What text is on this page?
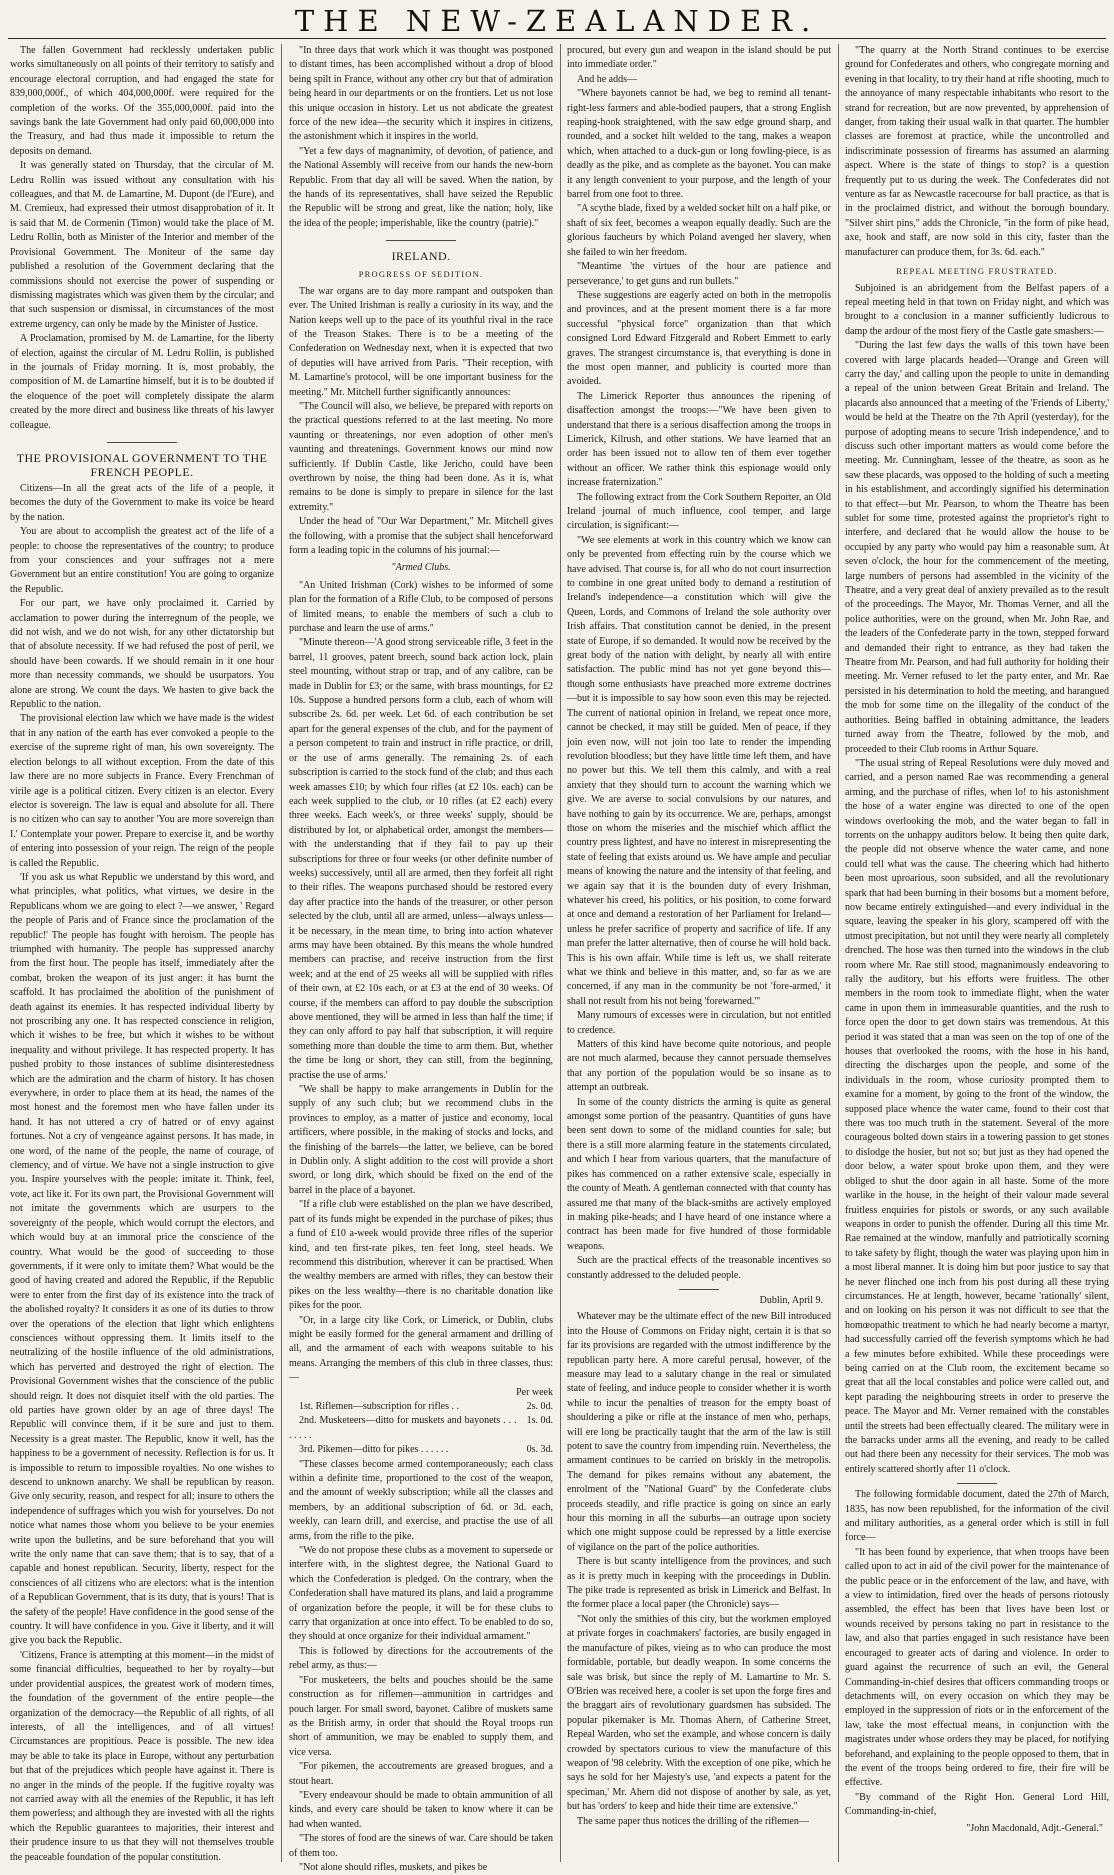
THE NEW-ZEALANDER.

The fallen Government had recklessly undertaken public works simultaneously on all points of their territory to satisfy and encourage electoral corruption, and had engaged the state for 839,000,000f., of which 404,000,000f. were required for the completion of the works. Of the 355,000,000f. paid into the savings bank the late Government had only paid 60,000,000 into the Treasury, and had thus made it impossible to return the deposits on demand.

It was generally stated on Thursday, that the circular of M. Ledru Rollin was issued without any consultation with his colleagues, and that M. de Lamartine, M. Dupont (de l'Eure), and M. Cremieux, had expressed their utmost disapprobation of it. It is said that M. de Cormenin (Timon) would take the place of M. Ledru Rollin, both as Minister of the Interior and member of the Provisional Government. The Moniteur of the same day published a resolution of the Government declaring that the commissions should not exercise the power of suspending or dismissing magistrates which was given them by the circular; and that such suspension or dismissal, in circumstances of the most extreme urgency, can only be made by the Minister of Justice.

A Proclamation, promised by M. de Lamartine, for the liberty of election, against the circular of M. Ledru Rollin, is published in the journals of Friday morning. It is, most probably, the composition of M. de Lamartine himself, but it is to be doubted if the eloquence of the poet will completely dissipate the alarm created by the more direct and business like threats of his lawyer colleague.

THE PROVISIONAL GOVERNMENT TO THE FRENCH PEOPLE.

Citizens—In all the great acts of the life of a people, it becomes the duty of the Government to make its voice be heard by the nation.

You are about to accomplish the greatest act of the life of a people: to choose the representatives of the country; to produce from your consciences and your suffrages not a mere Government but an entire constitution! You are going to organize the Republic.

For our part, we have only proclaimed it. Carried by acclamation to power during the interregnum of the people, we did not wish, and we do not wish, for any other dictatorship but that of absolute necessity. If we had refused the post of peril, we should have been cowards. If we should remain in it one hour more than necessity commands, we should be usurpators. You alone are strong. We count the days. We hasten to give back the Republic to the nation.

The provisional election law which we have made is the widest that in any nation of the earth has ever convoked a people to the exercise of the supreme right of man, his own sovereignty. The election belongs to all without exception. From the date of this law there are no more subjects in France. Every Frenchman of virile age is a political citizen. Every citizen is an elector. Every elector is sovereign. The law is equal and absolute for all. There is no citizen who can say to another 'You are more sovereign than I.' Contemplate your power. Prepare to exercise it, and be worthy of entering into possession of your reign. The reign of the people is called the Republic.

'If you ask us what Republic we understand by this word, and what principles, what politics, what virtues, we desire in the Republicans whom we are going to elect ?—we answer, ' Regard the people of Paris and of France since the proclamation of the republic!' The people has fought with heroism. The people has triumphed with humanity. The people has suppressed anarchy from the first hour. The people has itself, immediately after the combat, broken the weapon of its just anger: it has burnt the scaffold. It has proclaimed the abolition of the punishment of death against its enemies. It has respected individual liberty by not proscribing any one. It has respected conscience in religion, which it wishes to be free, but which it wishes to be without inequality and without privilege. It has respected property. It has pushed probity to those instances of sublime disinterestedness which are the admiration and the charm of history. It has chosen everywhere, in order to place them at its head, the names of the most honest and the foremost men who have fallen under its hand. It has not uttered a cry of hatred or of envy against fortunes. Not a cry of vengeance against persons. It has made, in one word, of the name of the people, the name of courage, of clemency, and of virtue. We have not a single instruction to give you. Inspire yourselves with the people: imitate it. Think, feel, vote, act like it. For its own part, the Provisional Government will not imitate the governments which are usurpers to the sovereignty of the people, which would corrupt the electors, and which would buy at an immoral price the conscience of the country. What would be the good of succeeding to those governments, if it were only to imitate them? What would be the good of having created and adored the Republic, if the Republic were to enter from the first day of its existence into the track of the abolished royalty? It considers it as one of its duties to throw over the operations of the election that light which enlightens consciences without oppressing them. It limits itself to the neutralizing of the hostile influence of the old administrations, which has perverted and destroyed the right of election. The Provisional Government wishes that the conscience of the public should reign. It does not disquiet itself with the old parties. The old parties have grown older by an age of three days! The Republic will convince them, if it be sure and just to them. Necessity is a great master. The Republic, know it well, has the happiness to be a government of necessity. Reflection is for us. It is impossible to return to impossible royalties. No one wishes to descend to unknown anarchy. We shall be republican by reason. Give only security, reason, and respect for all; insure to others the independence of suffrages which you wish for yourselves. Do not notice what names those whom you believe to be your enemies write upon the bulletins, and be sure beforehand that you will write the only name that can save them; that is to say, that of a capable and honest republican. Security, liberty, respect for the consciences of all citizens who are electors: what is the intention of a Republican Government, that is its duty, that is yours! That is the safety of the people! Have confidence in the good sense of the country. It will have confidence in you. Give it liberty, and it will give you back the Republic.

'Citizens, France is attempting at this moment—in the midst of some financial difficulties, bequeathed to her by royalty—but under providential auspices, the greatest work of modern times, the foundation of the government of the entire people—the organization of the democracy—the Republic of all rights, of all interests, of all the intelligences, and of all virtues! Circumstances are propitious. Peace is possible. The new idea may be able to take its place in Europe, without any perturbation but that of the prejudices which people have against it. There is no anger in the minds of the people. If the fugitive royalty was not carried away with all the enemies of the Republic, it has left them powerless; and although they are invested with all the rights which the Republic guarantees to majorities, their interest and their prudence insure to us that they will not themselves trouble the peaceable foundation of the popular constitution.

"In three days that work which it was thought was postponed to distant times, has been accomplished without a drop of blood being spilt in France, without any other cry but that of admiration being heard in our departments or on the frontiers. Let us not lose this unique occasion in history. Let us not abdicate the greatest force of the new idea—the security which it inspires in citizens, the astonishment which it inspires in the world.

"Yet a few days of magnanimity, of devotion, of patience, and the National Assembly will receive from our hands the new-born Republic. From that day all will be saved. When the nation, by the hands of its representatives, shall have seized the Republic the Republic will be strong and great, like the nation; holy, like the idea of the people; imperishable, like the country (patrie)."

IRELAND.
PROGRESS OF SEDITION.

The war organs are to day more rampant and outspoken than ever. The United Irishman is really a curiosity in its way, and the Nation keeps well up to the pace of its youthful rival in the race of the Treason Stakes. There is to be a meeting of the Confederation on Wednesday next, when it is expected that two of deputies will have arrived from Paris. "Their reception, with M. Lamartine's protocol, will be one important business for the meeting." Mr. Mitchell further significantly announces:

"The Council will also, we believe, be prepared with reports on the practical questions referred to at the last meeting. No more vaunting or threatenings, nor even adoption of other men's vaunting and threatenings. Government knows our mind now sufficiently. If Dublin Castle, like Jericho, could have been overthrown by noise, the thing had been done. As it is, what remains to be done is simply to prepare in silence for the last extremity."

Under the head of "Our War Department," Mr. Mitchell gives the following, with a promise that the subject shall henceforward form a leading topic in the columns of his journal:—

"Armed Clubs.

"An United Irishman (Cork) wishes to be informed of some plan for the formation of a Rifle Club, to be composed of persons of limited means, to enable the members of such a club to purchase and learn the use of arms."

"Minute thereon—'A good strong serviceable rifle, 3 feet in the barrel, 11 grooves, patent breech, sound back action lock, plain steel mounting, without strap or trap, and of any calibre, can be made in Dublin for £3; or the same, with brass mountings, for £2 10s. Suppose a hundred persons form a club, each of whom will subscribe 2s. 6d. per week. Let 6d. of each contribution be set apart for the general expenses of the club, and for the payment of a person competent to train and instruct in rifle practice, or drill, or the use of arms generally. The remaining 2s. of each subscription is carried to the stock fund of the club; and thus each week amasses £10; by which four rifles (at £2 10s. each) can be each week supplied to the club, or 10 rifles (at £2 each) every three weeks. Each week's, or three weeks' supply, should be distributed by lot, or alphabetical order, amongst the members—with the understanding that if they fail to pay up their subscriptions for three or four weeks (or other definite number of weeks) successively, until all are armed, then they forfeit all right to their rifles. The weapons purchased should be restored every day after practice into the hands of the treasurer, or other person selected by the club, until all are armed, unless—always unless—it be necessary, in the mean time, to bring into action whatever arms may have been obtained. By this means the whole hundred members can practise, and receive instruction from the first week; and at the end of 25 weeks all will be supplied with rifles of their own, at £2 10s each, or at £3 at the end of 30 weeks. Of course, if the members can afford to pay double the subscription above mentioned, they will be armed in less than half the time; if they can only afford to pay half that subscription, it will require something more than double the time to arm them. But, whether the time be long or short, they can still, from the beginning, practise the use of arms.'

"We shall be happy to make arrangements in Dublin for the supply of any such club; but we recommend clubs in the provinces to employ, as a matter of justice and economy, local artificers, where possible, in the making of stocks and locks, and the finishing of the barrels—the latter, we believe, can be bored in Dublin only. A slight addition to the cost will provide a short sword, or long dirk, which should be fixed on the end of the barrel in the place of a bayonet.

"If a rifle club were established on the plan we have described, part of its funds might be expended in the purchase of pikes; thus a fund of £10 a-week would provide three rifles of the superior kind, and ten first-rate pikes, ten feet long, steel heads. We recommend this distribution, wherever it can be practised. When the wealthy members are armed with rifles, they can bestow their pikes on the less wealthy—there is no charitable donation like pikes for the poor.

"Or, in a large city like Cork, or Limerick, or Dublin, clubs might be easily formed for the general armament and drilling of all, and the armament of each with weapons suitable to his means. Arranging the members of this club in three classes, thus:—

Per week

1st. Riflemen—subscription for rifles . .	2s. 0d.

2nd. Musketeers—ditto for muskets and bayonets . . . . . . . .
1s. 0d.

3rd. Pikemen—ditto for pikes . . . . . .	0s. 3d.

"These classes become armed contemporaneously; each class within a definite time, proportioned to the cost of the weapon, and the amount of weekly subscription; while all the classes and members, by an additional subscription of 6d. or 3d. each, weekly, can learn drill, and exercise, and practise the use of all arms, from the rifle to the pike.

"We do not propose these clubs as a movement to supersede or interfere with, in the slightest degree, the National Guard to which the Confederation is pledged. On the contrary, when the Confederation shall have matured its plans, and laid a programme of organization before the people, it will be for these clubs to carry that organization at once into effect. To be enabled to do so, they should at once organize for their individual armament."

This is followed by directions for the accoutrements of the rebel army, as thus:—

"For musketeers, the belts and pouches should be the same construction as for riflemen—ammunition in cartridges and pouch larger. For small sword, bayonet. Calibre of muskets same as the British army, in order that should the Royal troops run short of ammunition, we may be enabled to supply them, and vice versa.

"For pikemen, the accoutrements are greased brogues, and a stout heart.

"Every endeavour should be made to obtain ammunition of all kinds, and every care should be taken to know where it can be had when wanted.

"The stores of food are the sinews of war. Care should be taken of them too.

"Not alone should rifles, muskets, and pikes be

procured, but every gun and weapon in the island should be put into immediate order."

And he adds—

"Where bayonets cannot be had, we beg to remind all tenant-right-less farmers and able-bodied paupers, that a strong English reaping-hook straightened, with the saw edge ground sharp, and rounded, and a socket hilt welded to the tang, makes a weapon which, when attached to a duck-gun or long fowling-piece, is as deadly as the pike, and as complete as the bayonet. You can make it any length convenient to your purpose, and the length of your barrel from one foot to three.

"A scythe blade, fixed by a welded socket hilt on a half pike, or shaft of six feet, becomes a weapon equally deadly. Such are the glorious faucheurs by which Poland avenged her slavery, when she failed to win her freedom.

"Meantime 'the virtues of the hour are patience and perseverance,' to get guns and run bullets."

These suggestions are eagerly acted on both in the metropolis and provinces, and at the present moment there is a far more successful "physical force" organization than that which consigned Lord Edward Fitzgerald and Robert Emmett to early graves. The strangest circumstance is, that everything is done in the most open manner, and publicity is courted more than avoided.

The Limerick Reporter thus announces the ripening of disaffection amongst the troops:—"We have been given to understand that there is a serious disaffection among the troops in Limerick, Kilrush, and other stations. We have learned that an order has been issued not to allow ten of them ever together without an officer. We rather think this espionage would only increase fraternization."

The following extract from the Cork Southern Reporter, an Old Ireland journal of much influence, cool temper, and large circulation, is significant:—

"We see elements at work in this country which we know can only be prevented from effecting ruin by the course which we have advised. That course is, for all who do not court insurrection to combine in one great united body to demand a restitution of Ireland's independence—a constitution which will give the Queen, Lords, and Commons of Ireland the sole authority over Irish affairs. That constitution cannot be denied, in the present state of Europe, if so demanded. It would now be received by the great body of the nation with delight, by nearly all with entire satisfaction. The public mind has not yet gone beyond this—though some enthusiasts have preached more extreme doctrines—but it is impossible to say how soon even this may be rejected. The current of national opinion in Ireland, we repeat once more, cannot be checked, it may still be guided. Men of peace, if they join even now, will not join too late to render the impending revolution bloodless; but they have little time left them, and have no power but this. We tell them this calmly, and with a real anxiety that they should turn to account the warning which we give. We are averse to social convulsions by our natures, and have nothing to gain by its occurrence. We are, perhaps, amongst those on whom the miseries and the mischief which afflict the country press lightest, and have no interest in misrepresenting the state of feeling that exists around us. We have ample and peculiar means of knowing the nature and the intensity of that feeling, and we again say that it is the bounden duty of every Irishman, whatever his creed, his politics, or his position, to come forward at once and demand a restoration of her Parliament for Ireland—unless he prefer sacrifice of property and sacrifice of life. If any man prefer the latter alternative, then of course he will hold back. This is his own affair. While time is left us, we shall reiterate what we think and believe in this matter, and, so far as we are concerned, if any man in the community be not 'fore-armed,' it shall not result from his not being 'forewarned.'"

Many rumours of excesses were in circulation, but not entitled to credence.

Matters of this kind have become quite notorious, and people are not much alarmed, because they cannot persuade themselves that any portion of the population would be so insane as to attempt an outbreak.

In some of the county districts the arming is quite as general amongst some portion of the peasantry. Quantities of guns have been sent down to some of the midland counties for sale; but there is a still more alarming feature in the statements circulated, and which I hear from various quarters, that the manufacture of pikes has commenced on a rather extensive scale, especially in the county of Meath. A gentleman connected with that county has assured me that many of the black-smiths are actively employed in making pike-heads; and I have heard of one instance where a contract has been made for five hundred of those formidable weapons.

Such are the practical effects of the treasonable incentives so constantly addressed to the deluded people.

Dublin, April 9.

Whatever may be the ultimate effect of the new Bill introduced into the House of Commons on Friday night, certain it is that so far its provisions are regarded with the utmost indifference by the republican party here. A more careful perusal, however, of the measure may lead to a salutary change in the real or simulated state of feeling, and induce people to consider whether it is worth while to incur the penalties of treason for the empty boast of shouldering a pike or rifle at the instance of men who, perhaps, will ere long be practically taught that the arm of the law is still potent to save the country from impending ruin. Nevertheless, the armament continues to be carried on briskly in the metropolis. The demand for pikes remains without any abatement, the enrolment of the "National Guard" by the Confederate clubs proceeds steadily, and rifle practice is going on since an early hour this morning in all the suburbs—an outrage upon society which one might suppose could be repressed by a little exercise of vigilance on the part of the police authorities.

There is but scanty intelligence from the provinces, and such as it is pretty much in keeping with the proceedings in Dublin. The pike trade is represented as brisk in Limerick and Belfast. In the former place a local paper (the Chronicle) says—

"Not only the smithies of this city, but the workmen employed at private forges in coachmakers' factories, are busily engaged in the manufacture of pikes, vieing as to who can produce the most formidable, portable, but deadly weapon. In some concerns the sale was brisk, but since the reply of M. Lamartine to Mr. S. O'Brien was received here, a cooler is set upon the forge fires and the braggart airs of revolutionary guardsmen has subsided. The popular pikemaker is Mr. Thomas Ahern, of Catherine Street, Repeal Warden, who set the example, and whose concern is daily crowded by spectators curious to view the manufacture of this weapon of '98 celebrity. With the exception of one pike, which he says he sold for her Majesty's use, 'and expects a patent for the speciman,' Mr. Ahern did not dispose of another by sale, as yet, but has 'orders' to keep and hide their time are extensive."

The same paper thus notices the drilling of the riflemen—

"The quarry at the North Strand continues to be exercise ground for Confederates and others, who congregate morning and evening in that locality, to try their hand at rifle shooting, much to the annoyance of many respectable inhabitants who resort to the strand for recreation, but are now prevented, by apprehension of danger, from taking their usual walk in that quarter. The humbler classes are foremost at practice, while the uncontrolled and indiscriminate possession of firearms has assumed an alarming aspect. Where is the state of things to stop? is a question frequently put to us during the week. The Confederates did not venture as far as Newcastle racecourse for ball practice, as that is in the proclaimed district, and without the borough boundary. "Silver shirt pins," adds the Chronicle, "in the form of pike head, axe, hook and staff, are now sold in this city, faster than the manufacturer can produce them, for 3s. 6d. each."

REPEAL MEETING FRUSTRATED.

Subjoined is an abridgement from the Belfast papers of a repeal meeting held in that town on Friday night, and which was brought to a conclusion in a manner sufficiently ludicrous to damp the ardour of the most fiery of the Castle gate smashers:—

"During the last few days the walls of this town have been covered with large placards headed—'Orange and Green will carry the day,' and calling upon the people to unite in demanding a repeal of the union between Great Britain and Ireland. The placards also announced that a meeting of the 'Friends of Liberty,' would be held at the Theatre on the 7th April (yesterday), for the purpose of adopting means to secure 'Irish independence,' and to discuss such other important matters as would come before the meeting. Mr. Cunningham, lessee of the theatre, as soon as he saw these placards, was opposed to the holding of such a meeting in his establishment, and accordingly signified his determination to that effect—but Mr. Pearson, to whom the Theatre has been sublet for some time, protested against the proprietor's right to interfere, and declared that he would allow the house to be occupied by any party who would pay him a reasonable sum. At seven o'clock, the hour for the commencement of the meeting, large numbers of persons had assembled in the vicinity of the Theatre, and a very great deal of anxiety prevailed as to the result of the proceedings. The Mayor, Mr. Thomas Verner, and all the police authorities, were on the ground, when Mr. John Rae, and the leaders of the Confederate party in the town, stepped forward and demanded their right to entrance, as they had taken the Theatre from Mr. Pearson, and had full authority for holding their meeting. Mr. Verner refused to let the party enter, and Mr. Rae persisted in his determination to hold the meeting, and harangued the mob for some time on the illegality of the conduct of the authorities. Being baffled in obtaining admittance, the leaders turned away from the Theatre, followed by the mob, and proceeded to their Club rooms in Arthur Square.

"The usual string of Repeal Resolutions were duly moved and carried, and a person named Rae was recommending a general arming, and the purchase of rifles, when lo! to his astonishment the hose of a water engine was directed to one of the open windows overlooking the mob, and the water began to fall in torrents on the unhappy auditors below. It being then quite dark, the people did not observe whence the water came, and none could tell what was the cause. The cheering which had hitherto been most uproarious, soon subsided, and all the revolutionary spark that had been burning in their bosoms but a moment before, now became entirely extinguished—and every individual in the square, leaving the speaker in his glory, scampered off with the utmost precipitation, but not until they were nearly all completely drenched. The hose was then turned into the windows in the club room where Mr. Rae still stood, magnanimously endeavoring to rally the auditory, but his efforts were fruitless. The other members in the room took to immediate flight, when the water came in upon them in immeasurable quantities, and the rush to force open the door to get down stairs was tremendous. At this period it was stated that a man was seen on the top of one of the houses that overlooked the rooms, with the hose in his hand, directing the discharges upon the people, and some of the individuals in the room, whose curiosity prompted them to examine for a moment, by going to the front of the window, the supposed place whence the water came, found to their cost that there was too much truth in the statement. Several of the more courageous bolted down stairs in a towering passion to get stones to dislodge the hosier, but not so; but just as they had opened the door below, a water spout broke upon them, and they were obliged to shut the door again in all haste. Some of the more warlike in the house, in the height of their valour made several fruitless enquiries for pistols or swords, or any such available weapons in order to punish the offender. During all this time Mr. Rae remained at the window, manfully and patriotically scorning to take safety by flight, though the water was playing upon him in a most liberal manner. It is doing him but poor justice to say that he never flinched one inch from his post during all these trying circumstances. He at length, however, became 'rationally' silent, and on looking on his person it was not difficult to see that the homœopathic treatment to which he had nearly become a martyr, had successfully carried off the feverish symptoms which he had a few minutes before exhibited. While these proceedings were being carried on at the Club room, the excitement became so great that all the local constables and police were called out, and kept parading the neighbouring streets in order to preserve the peace. The Mayor and Mr. Verner remained with the constables until the streets had been effectually cleared. The military were in the barracks under arms all the evening, and ready to be called out had there been any necessity for their services. The mob was entirely scattered shortly after 11 o'clock.

The following formidable document, dated the 27th of March, 1835, has now been republished, for the information of the civil and military authorities, as a general order which is still in full force—

"It has been found by experience, that when troops have been called upon to act in aid of the civil power for the maintenance of the public peace or in the enforcement of the law, and have, with a view to intimidation, fired over the heads of persons riotously assembled, the effect has been that lives have been lost or wounds received by persons taking no part in resistance to the law, and also that parties engaged in such resistance have been encouraged to greater acts of daring and violence. In order to guard against the recurrence of such an evil, the General Commanding-in-chief desires that officers commanding troops or detachments will, on every occasion on which they may be employed in the suppression of riots or in the enforcement of the law, take the most effectual means, in conjunction with the magistrates under whose orders they may be placed, for notifying beforehand, and explaining to the people opposed to them, that in the event of the troops being ordered to fire, their fire will be effective.

"By command of the Right Hon. General Lord Hill, Commanding-in-chief,

"John Macdonald, Adjt.-General."
